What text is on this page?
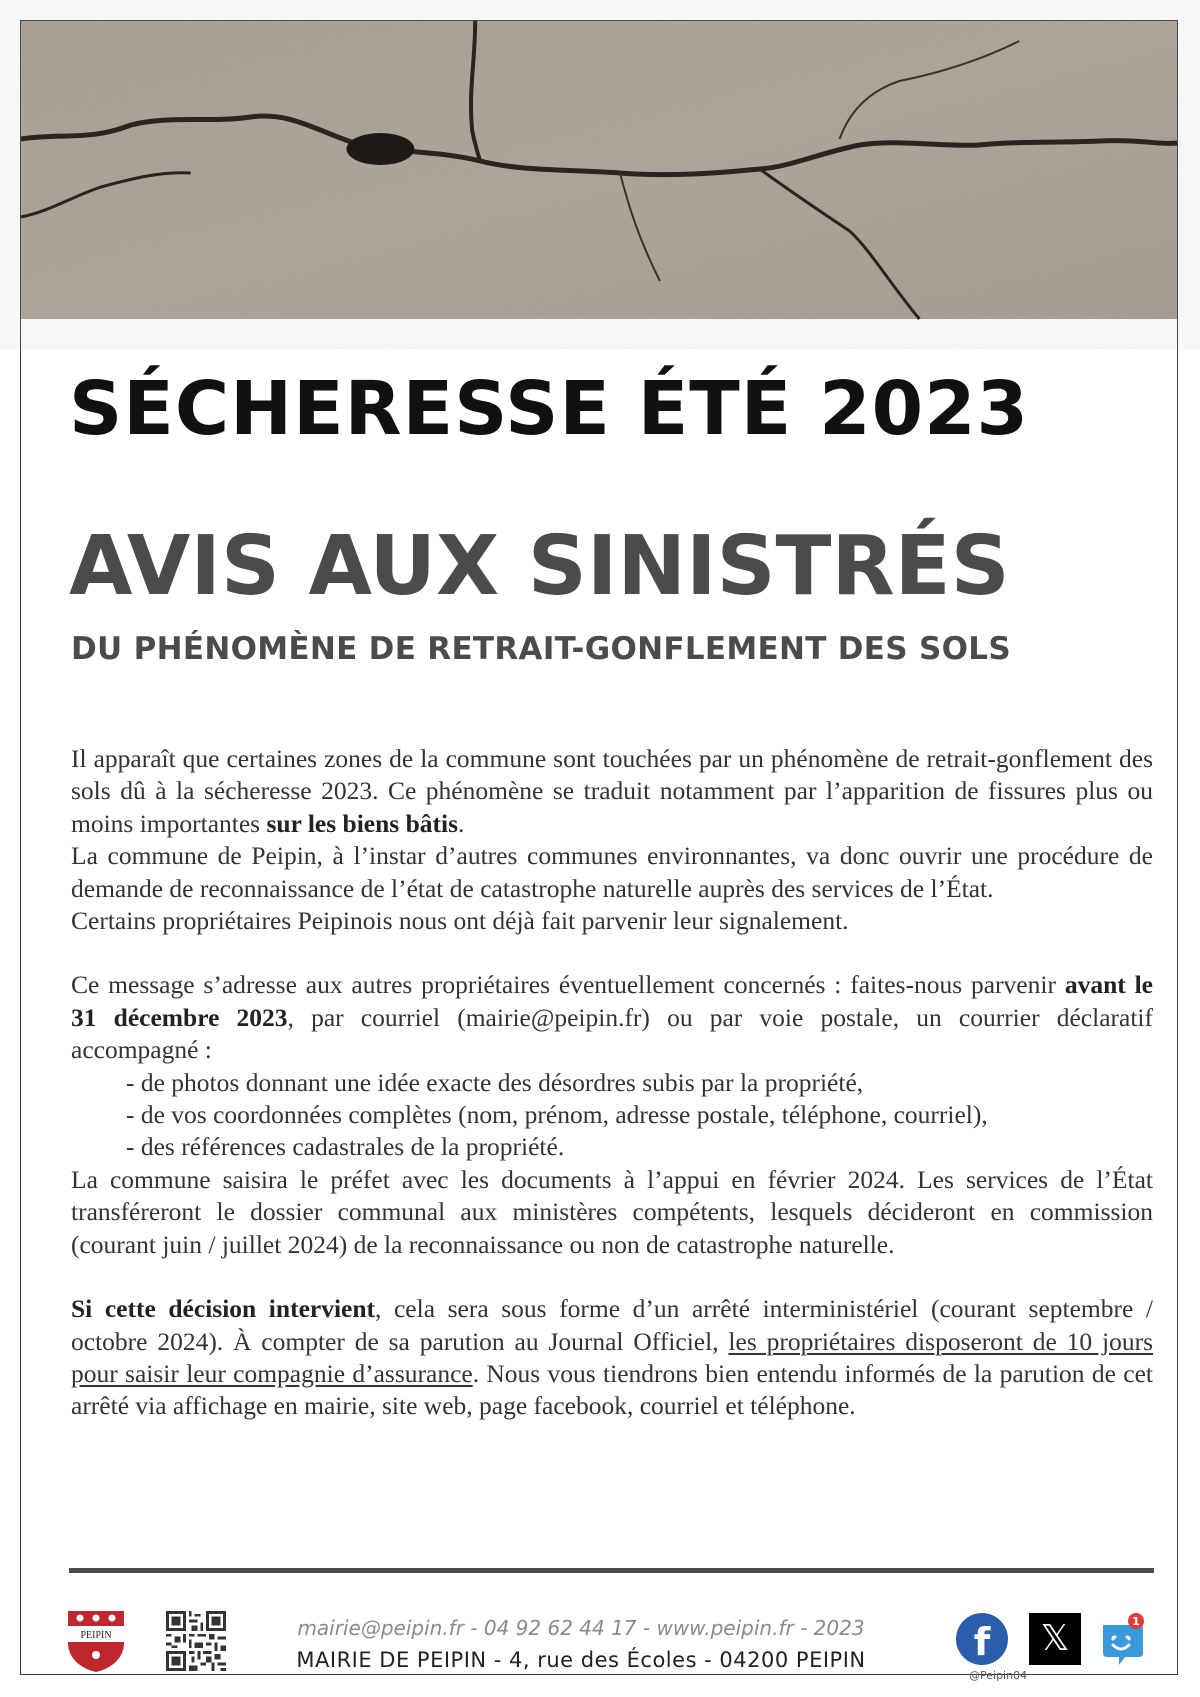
SÉCHERESSE ÉTÉ 2023
AVIS AUX SINISTRÉS
DU PHÉNOMÈNE DE RETRAIT-GONFLEMENT DES SOLS

Il apparaît que certaines zones de la commune sont touchées par un phénomène de retrait-gonflement des sols dû à la sécheresse 2023. Ce phénomène se traduit notamment par l’apparition de fissures plus ou moins importantes sur les biens bâtis.

La commune de Peipin, à l’instar d’autres communes environnantes, va donc ouvrir une procédure de demande de reconnaissance de l’état de catastrophe naturelle auprès des services de l’État.

Certains propriétaires Peipinois nous ont déjà fait parvenir leur signalement.

Ce message s’adresse aux autres propriétaires éventuellement concernés : faites-nous parvenir avant le 31 décembre 2023, par courriel (mairie@peipin.fr) ou par voie postale, un courrier déclaratif accompagné :

- de photos donnant une idée exacte des désordres subis par la propriété,
- de vos coordonnées complètes (nom, prénom, adresse postale, téléphone, courriel),
- des références cadastrales de la propriété.

La commune saisira le préfet avec les documents à l’appui en février 2024. Les services de l’État transféreront le dossier communal aux ministères compétents, lesquels décideront en commission (courant juin / juillet 2024) de la reconnaissance ou non de catastrophe naturelle.

Si cette décision intervient, cela sera sous forme d’un arrêté interministériel (courant septembre / octobre 2024). À compter de sa parution au Journal Officiel, les propriétaires disposeront de 10 jours pour saisir leur compagnie d’assurance. Nous vous tiendrons bien entendu informés de la parution de cet arrêté via affichage en mairie, site web, page facebook, courriel et téléphone.

PEIPIN	mairie@peipin.fr - 04 92 62 44 17 - www.peipin.fr - 2023
MAIRIE DE PEIPIN - 4, rue des Écoles - 04200 PEIPIN	f	𝕏	1
@Peipin04
